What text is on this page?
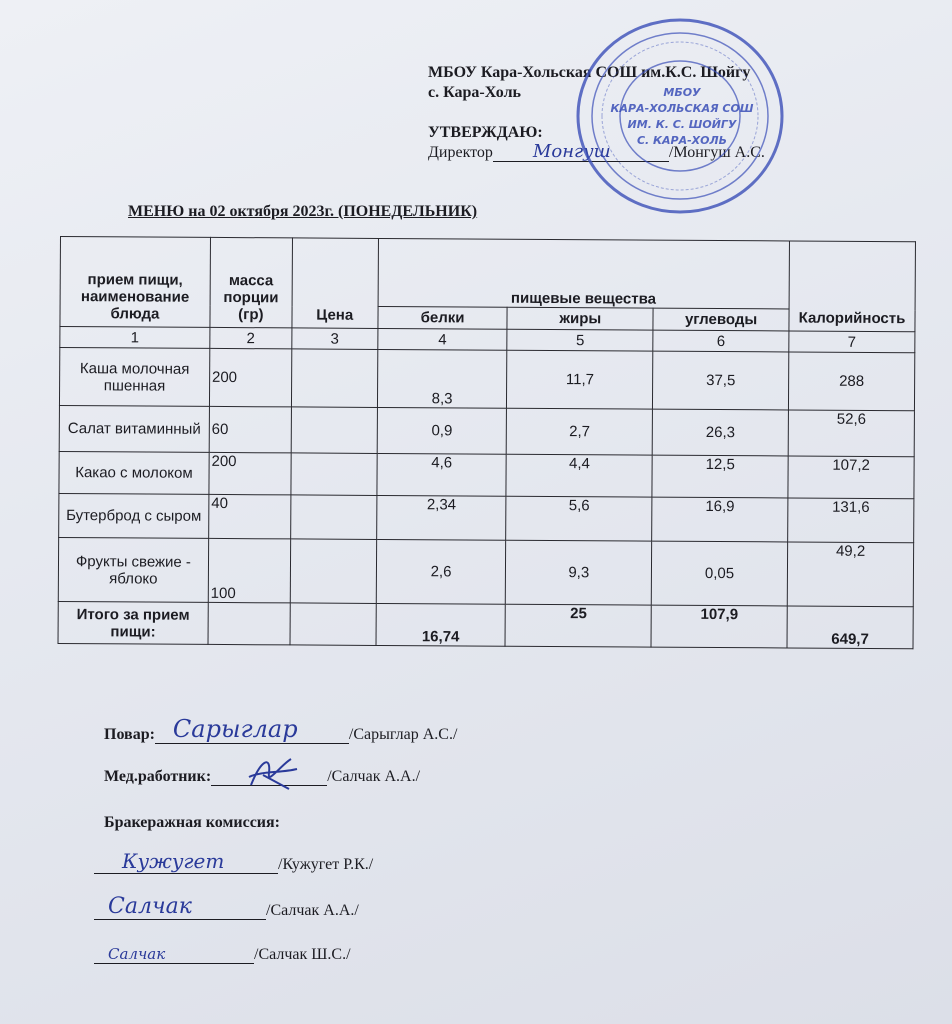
МБОУ Кара-Хольская СОШ им.К.С. Шойгу
с. Кара-Холь
УТВЕРЖДАЮ:
Директор Монгуш	/Монгуш А.С.
МБОУ
КАРА-ХОЛЬСКАЯ СОШ
ИМ. К. С. ШОЙГУ
С. КАРА-ХОЛЬ
МЕНЮ на 02 октября 2023г. (ПОНЕДЕЛЬНИК)
прием пищи, наименование блюда	масса порции (гр)	Цена	пищевые вещества			Калорийность
			белки	жиры	углеводы	
1	2	3	4	5	6	7
Каша молочная пшенная	200		8,3	11,7	37,5	288
Салат витаминный	60		0,9	2,7	26,3	52,6
Какао с молоком	200		4,6	4,4	12,5	107,2
Бутерброд с сыром	40		2,34	5,6	16,9	131,6
Фрукты свежие - яблоко	100		2,6	9,3	0,05	49,2
Итого за прием пищи:			16,74	25	107,9	649,7
Повар: Сарыглар	/Сарыглар А.С./
Мед.работник:	/Салчак А.А./
Бракеражная комиссия:
Кужугет	/Кужугет Р.К./
Салчак	/Салчак А.А./
Салчак	/Салчак Ш.С./
